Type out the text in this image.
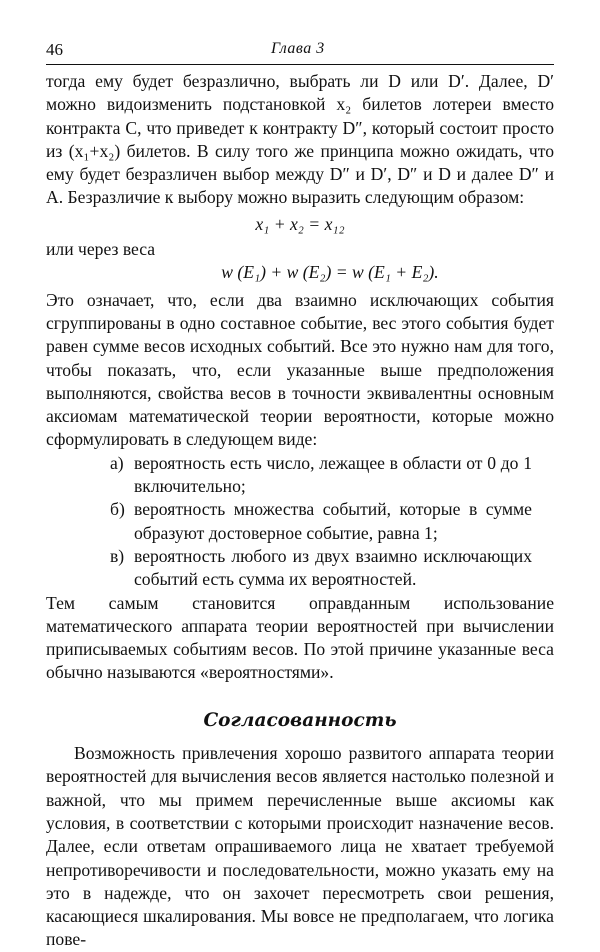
46	Глава 3

тогда ему будет безразлично, выбрать ли D или D′. Далее, D′ можно видоизменить подстановкой x₂ билетов лотереи вместо контракта C, что приведет к контракту D″, который состоит просто из (x₁+x₂) билетов. В силу того же принципа можно ожидать, что ему будет безразличен выбор между D″ и D′, D″ и D и далее D″ и A. Безразличие к выбору можно выразить следующим образом:

x₁ + x₂ = x₁₂

или через веса

w (E₁) + w (E₂) = w (E₁ + E₂).

Это означает, что, если два взаимно исключающих события сгруппированы в одно составное событие, вес этого события будет равен сумме весов исходных событий. Все это нужно нам для того, чтобы показать, что, если указанные выше предположения выполняются, свойства весов в точности эквивалентны основным аксиомам математической теории вероятности, которые можно сформулировать в следующем виде:

а) вероятность есть число, лежащее в области от 0 до 1 включительно;
б) вероятность множества событий, которые в сумме образуют достоверное событие, равна 1;
в) вероятность любого из двух взаимно исключающих событий есть сумма их вероятностей.

Тем самым становится оправданным использование математического аппарата теории вероятностей при вычислении приписываемых событиям весов. По этой причине указанные веса обычно называются «вероятностями».

Согласованность

Возможность привлечения хорошо развитого аппарата теории вероятностей для вычисления весов является настолько полезной и важной, что мы примем перечисленные выше аксиомы как условия, в соответствии с которыми происходит назначение весов. Далее, если ответам опрашиваемого лица не хватает требуемой непротиворечивости и последовательности, можно указать ему на это в надежде, что он захочет пересмотреть свои решения, касающиеся шкалирования. Мы вовсе не предполагаем, что логика пове-
